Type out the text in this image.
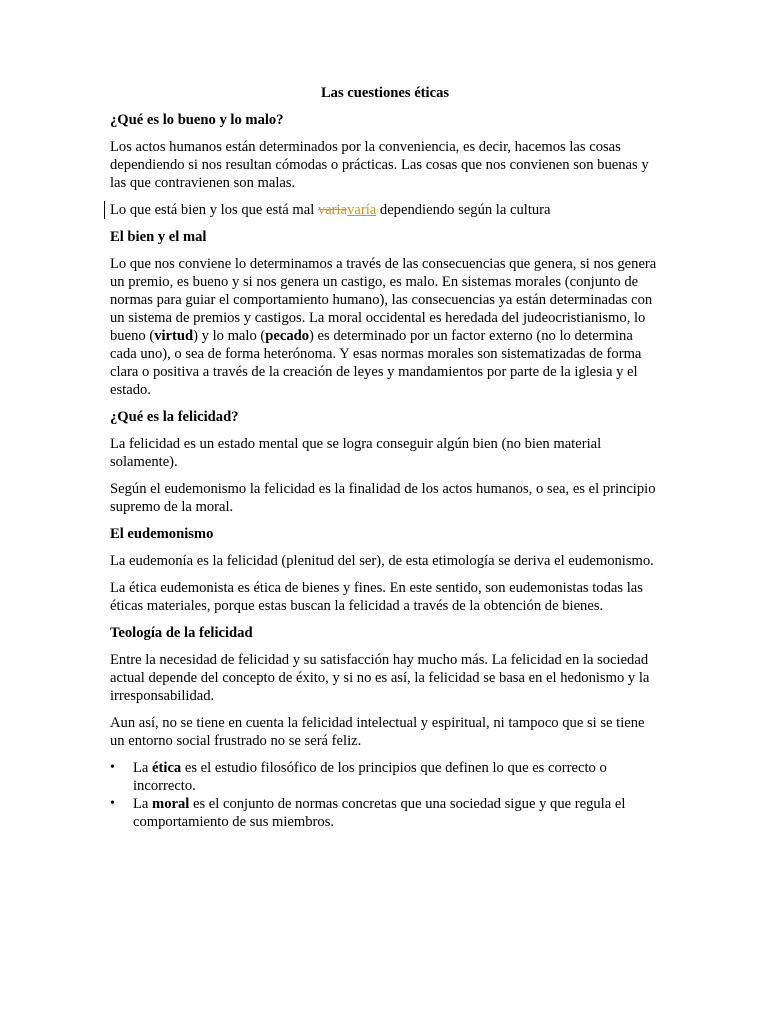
Las cuestiones éticas
¿Qué es lo bueno y lo malo?
Los actos humanos están determinados por la conveniencia, es decir, hacemos las cosas dependiendo si nos resultan cómodas o prácticas. Las cosas que nos convienen son buenas y las que contravienen son malas.
Lo que está bien y los que está mal variavaría dependiendo según la cultura
El bien y el mal
Lo que nos conviene lo determinamos a través de las consecuencias que genera, si nos genera un premio, es bueno y si nos genera un castigo, es malo. En sistemas morales (conjunto de normas para guiar el comportamiento humano), las consecuencias ya están determinadas con un sistema de premios y castigos. La moral occidental es heredada del judeocristianismo, lo bueno (virtud) y lo malo (pecado) es determinado por un factor externo (no lo determina cada uno), o sea de forma heterónoma. Y esas normas morales son sistematizadas de forma clara o positiva a través de la creación de leyes y mandamientos por parte de la iglesia y el estado.
¿Qué es la felicidad?
La felicidad es un estado mental que se logra conseguir algún bien (no bien material solamente).
Según el eudemonismo la felicidad es la finalidad de los actos humanos, o sea, es el principio supremo de la moral.
El eudemonismo
La eudemonía es la felicidad (plenitud del ser), de esta etimología se deriva el eudemonismo.
La ética eudemonista es ética de bienes y fines. En este sentido, son eudemonistas todas las éticas materiales, porque estas buscan la felicidad a través de la obtención de bienes.
Teología de la felicidad
Entre la necesidad de felicidad y su satisfacción hay mucho más. La felicidad en la sociedad actual depende del concepto de éxito, y si no es así, la felicidad se basa en el hedonismo y la irresponsabilidad.
Aun así, no se tiene en cuenta la felicidad intelectual y espiritual, ni tampoco que si se tiene un entorno social frustrado no se será feliz.
• La ética es el estudio filosófico de los principios que definen lo que es correcto o incorrecto.
• La moral es el conjunto de normas concretas que una sociedad sigue y que regula el comportamiento de sus miembros.
